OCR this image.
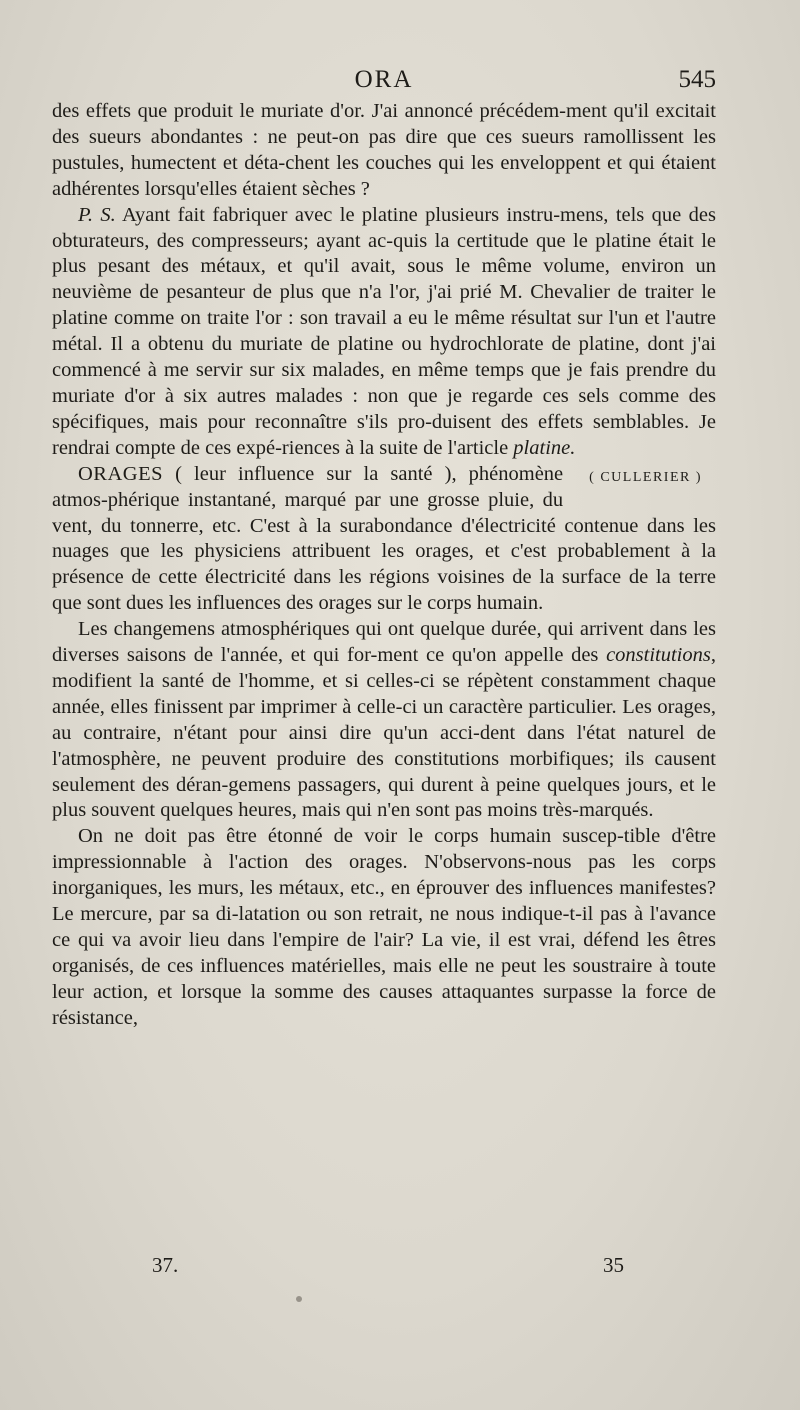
ORA	545

des effets que produit le muriate d'or. J'ai annoncé précédem-ment qu'il excitait des sueurs abondantes : ne peut-on pas dire que ces sueurs ramollissent les pustules, humectent et déta-chent les couches qui les enveloppent et qui étaient adhérentes lorsqu'elles étaient sèches ?

P. S. Ayant fait fabriquer avec le platine plusieurs instru-mens, tels que des obturateurs, des compresseurs; ayant ac-quis la certitude que le platine était le plus pesant des métaux, et qu'il avait, sous le même volume, environ un neuvième de pesanteur de plus que n'a l'or, j'ai prié M. Chevalier de traiter le platine comme on traite l'or : son travail a eu le même résultat sur l'un et l'autre métal. Il a obtenu du muriate de platine ou hydrochlorate de platine, dont j'ai commencé à me servir sur six malades, en même temps que je fais prendre du muriate d'or à six autres malades : non que je regarde ces sels comme des spécifiques, mais pour reconnaître s'ils pro-duisent des effets semblables. Je rendrai compte de ces expé-riences à la suite de l'article platine.
( CULLERIER )

ORAGES ( leur influence sur la santé ), phénomène atmos-phérique instantané, marqué par une grosse pluie, du vent, du tonnerre, etc. C'est à la surabondance d'électricité contenue dans les nuages que les physiciens attribuent les orages, et c'est probablement à la présence de cette électricité dans les régions voisines de la surface de la terre que sont dues les influences des orages sur le corps humain.

Les changemens atmosphériques qui ont quelque durée, qui arrivent dans les diverses saisons de l'année, et qui for-ment ce qu'on appelle des constitutions, modifient la santé de l'homme, et si celles-ci se répètent constamment chaque année, elles finissent par imprimer à celle-ci un caractère particulier. Les orages, au contraire, n'étant pour ainsi dire qu'un acci-dent dans l'état naturel de l'atmosphère, ne peuvent produire des constitutions morbifiques; ils causent seulement des déran-gemens passagers, qui durent à peine quelques jours, et le plus souvent quelques heures, mais qui n'en sont pas moins très-marqués.

On ne doit pas être étonné de voir le corps humain suscep-tible d'être impressionnable à l'action des orages. N'observons-nous pas les corps inorganiques, les murs, les métaux, etc., en éprouver des influences manifestes? Le mercure, par sa di-latation ou son retrait, ne nous indique-t-il pas à l'avance ce qui va avoir lieu dans l'empire de l'air? La vie, il est vrai, défend les êtres organisés, de ces influences matérielles, mais elle ne peut les soustraire à toute leur action, et lorsque la somme des causes attaquantes surpasse la force de résistance,

37.	35
